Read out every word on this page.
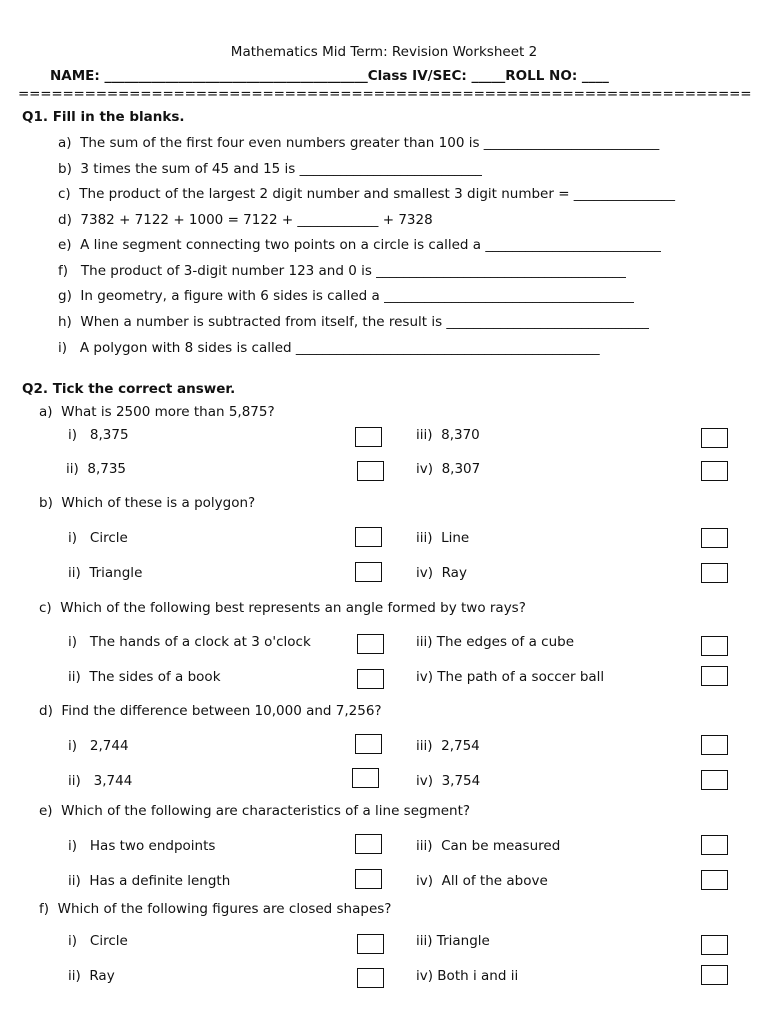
Mathematics Mid Term: Revision Worksheet 2
NAME: _______________________________________Class IV/SEC: _____ROLL NO: ____
==================================================================
Q1. Fill in the blanks.
a)  The sum of the first four even numbers greater than 100 is __________________________
b)  3 times the sum of 45 and 15 is ___________________________
c)  The product of the largest 2 digit number and smallest 3 digit number = _______________
d)  7382 + 7122 + 1000 = 7122 + ____________ + 7328
e)  A line segment connecting two points on a circle is called a __________________________
f)   The product of 3-digit number 123 and 0 is _____________________________________
g)  In geometry, a figure with 6 sides is called a _____________________________________
h)  When a number is subtracted from itself, the result is ______________________________
i)   A polygon with 8 sides is called _____________________________________________
Q2. Tick the correct answer.
a)  What is 2500 more than 5,875?
i)   8,375	iii)  8,370
ii)  8,735	iv)  8,307
b)  Which of these is a polygon?
i)   Circle	iii)  Line
ii)  Triangle	iv)  Ray
c)  Which of the following best represents an angle formed by two rays?
i)   The hands of a clock at 3 o'clock	iii) The edges of a cube
ii)  The sides of a book	iv) The path of a soccer ball
d)  Find the difference between 10,000 and 7,256?
i)   2,744	iii)  2,754
ii)   3,744	iv)  3,754
e)  Which of the following are characteristics of a line segment?
i)   Has two endpoints	iii)  Can be measured
ii)  Has a definite length	iv)  All of the above
f)  Which of the following figures are closed shapes?
i)   Circle	iii) Triangle
ii)  Ray	iv) Both i and ii
